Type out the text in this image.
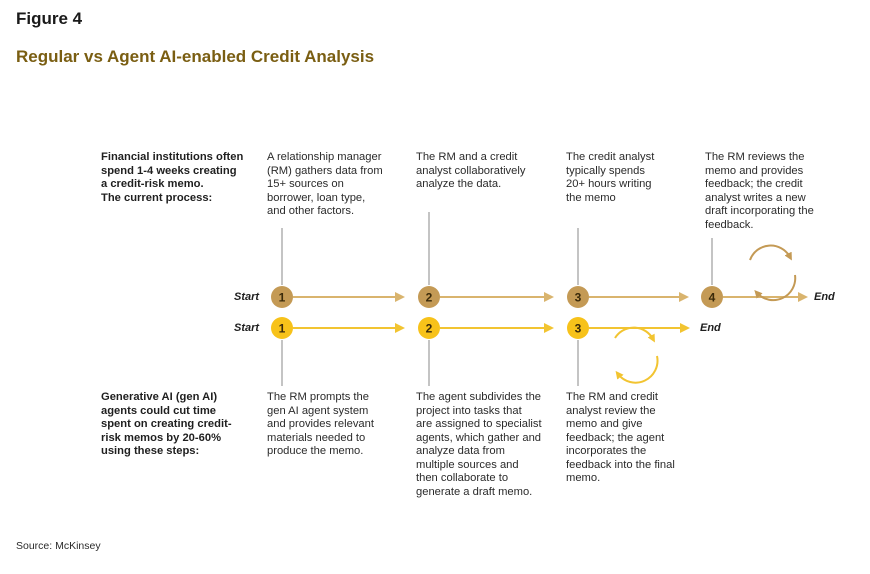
Figure 4
Regular vs Agent AI-enabled Credit Analysis
Financial institutions often
spend 1-4 weeks creating
a credit-risk memo.
The current process:
A relationship manager
(RM) gathers data from
15+ sources on
borrower, loan type,
and other factors.
The RM and a credit
analyst collaboratively
analyze the data.
The credit analyst
typically spends
20+ hours writing
the memo
The RM reviews the
memo and provides
feedback; the credit
analyst writes a new
draft incorporating the
feedback.
Generative AI (gen AI)
agents could cut time
spent on creating credit-
risk memos by 20-60%
using these steps:
The RM prompts the
gen AI agent system
and provides relevant
materials needed to
produce the memo.
The agent subdivides the
project into tasks that
are assigned to specialist
agents, which gather and
analyze data from
multiple sources and
then collaborate to
generate a draft memo.
The RM and credit
analyst review the
memo and give
feedback; the agent
incorporates the
feedback into the final
memo.
Start	End
Start	End
1	2	3	4
1	2	3
Source: McKinsey
